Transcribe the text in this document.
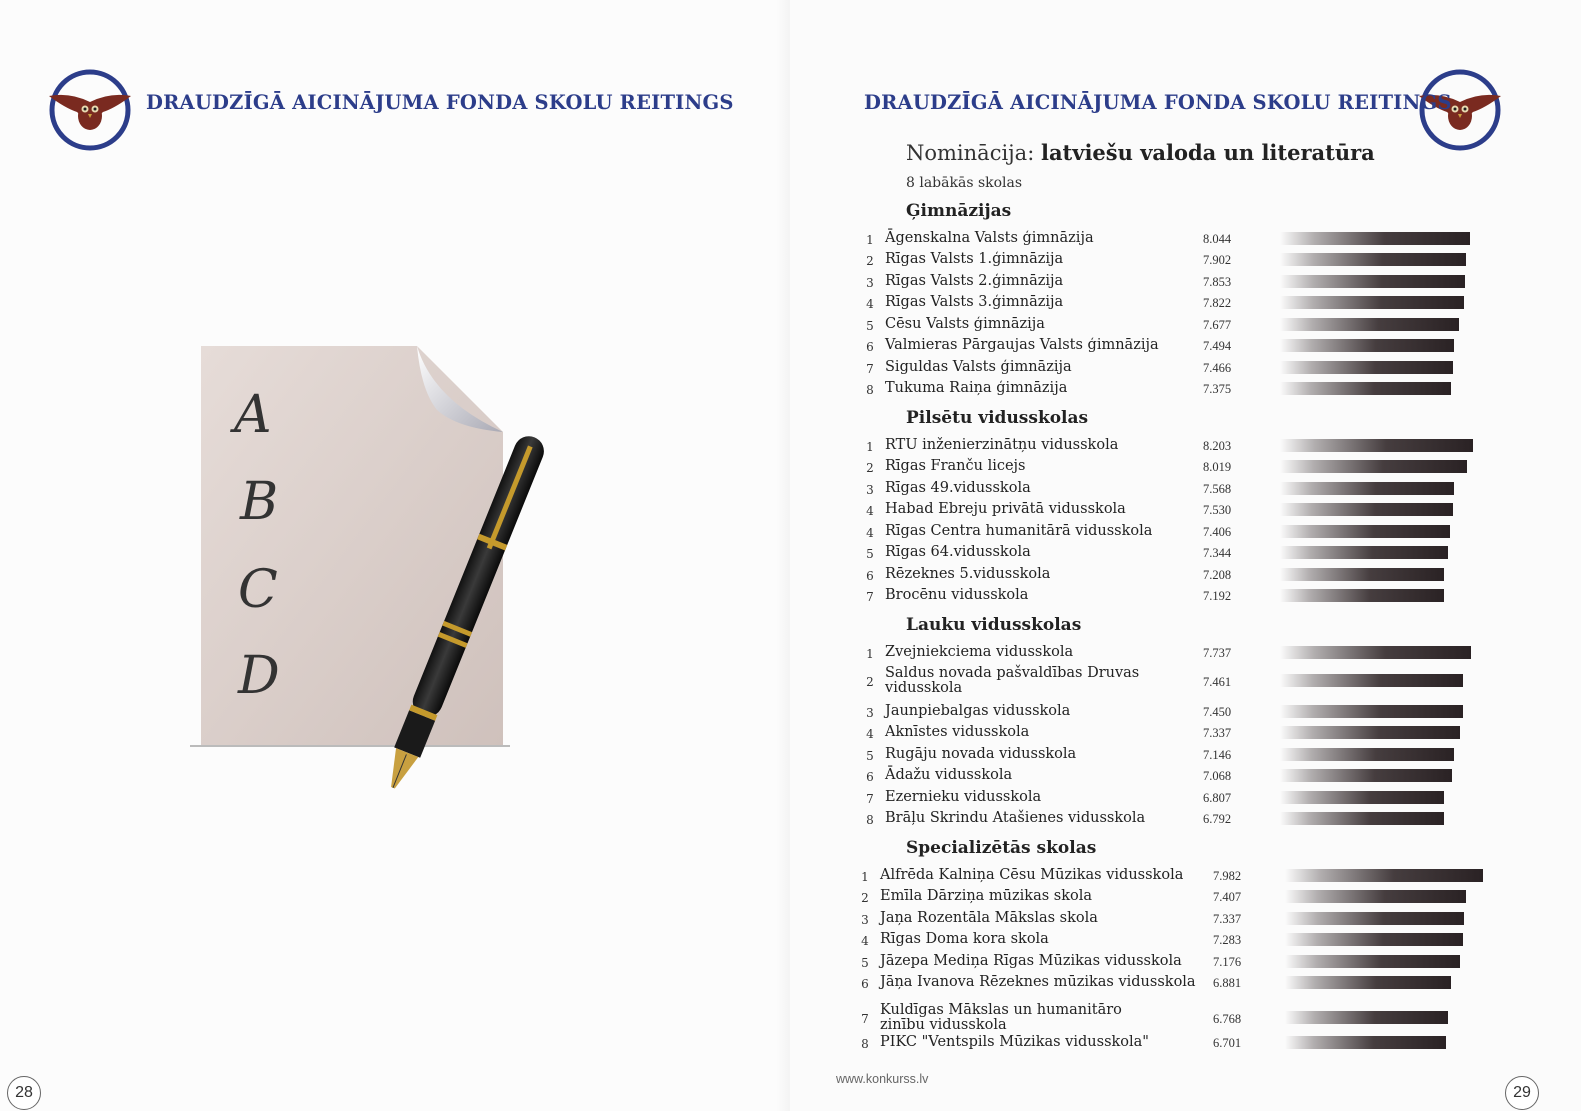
DRAUDZĪGĀ AICINĀJUMA FONDA SKOLU REITINGS
A
B
C
D
28
DRAUDZĪGĀ AICINĀJUMA FONDA SKOLU REITINGS
Nominācija: latviešu valoda un literatūra
8 labākās skolas
Ģimnāzijas
1 Āgenskalna Valsts ģimnāzija	8.044
2 Rīgas Valsts 1.ģimnāzija	7.902
3 Rīgas Valsts 2.ģimnāzija	7.853
4 Rīgas Valsts 3.ģimnāzija	7.822
5 Cēsu Valsts ģimnāzija	7.677
6 Valmieras Pārgaujas Valsts ģimnāzija	7.494
7 Siguldas Valsts ģimnāzija	7.466
8 Tukuma Raiņa ģimnāzija	7.375
Pilsētu vidusskolas
1 RTU inženierzinātņu vidusskola	8.203
2 Rīgas Franču licejs	8.019
3 Rīgas 49.vidusskola	7.568
4 Habad Ebreju privātā vidusskola	7.530
4 Rīgas Centra humanitārā vidusskola	7.406
5 Rīgas 64.vidusskola	7.344
6 Rēzeknes 5.vidusskola	7.208
7 Brocēnu vidusskola	7.192
Lauku vidusskolas
1 Zvejniekciema vidusskola	7.737
2
Saldus novada pašvaldības Druvas vidusskola	7.461
3 Jaunpiebalgas vidusskola	7.450
4 Aknīstes vidusskola	7.337
5 Rugāju novada vidusskola	7.146
6 Ādažu vidusskola	7.068
7 Ezernieku vidusskola	6.807
8 Brāļu Skrindu Atašienes vidusskola	6.792
Specializētās skolas
1 Alfrēda Kalniņa Cēsu Mūzikas vidusskola 7.982
2 Emīla Dārziņa mūzikas skola	7.407
3 Jaņa Rozentāla Mākslas skola	7.337
4 Rīgas Doma kora skola	7.283
5 Jāzepa Mediņa Rīgas Mūzikas vidusskola 7.176
6 Jāņa Ivanova Rēzeknes mūzikas vidusskola 6.881
7
Kuldīgas Mākslas un humanitāro zinību vidusskola	6.768
8 PIKC "Ventspils Mūzikas vidusskola"	6.701
www.konkurss.lv
29
